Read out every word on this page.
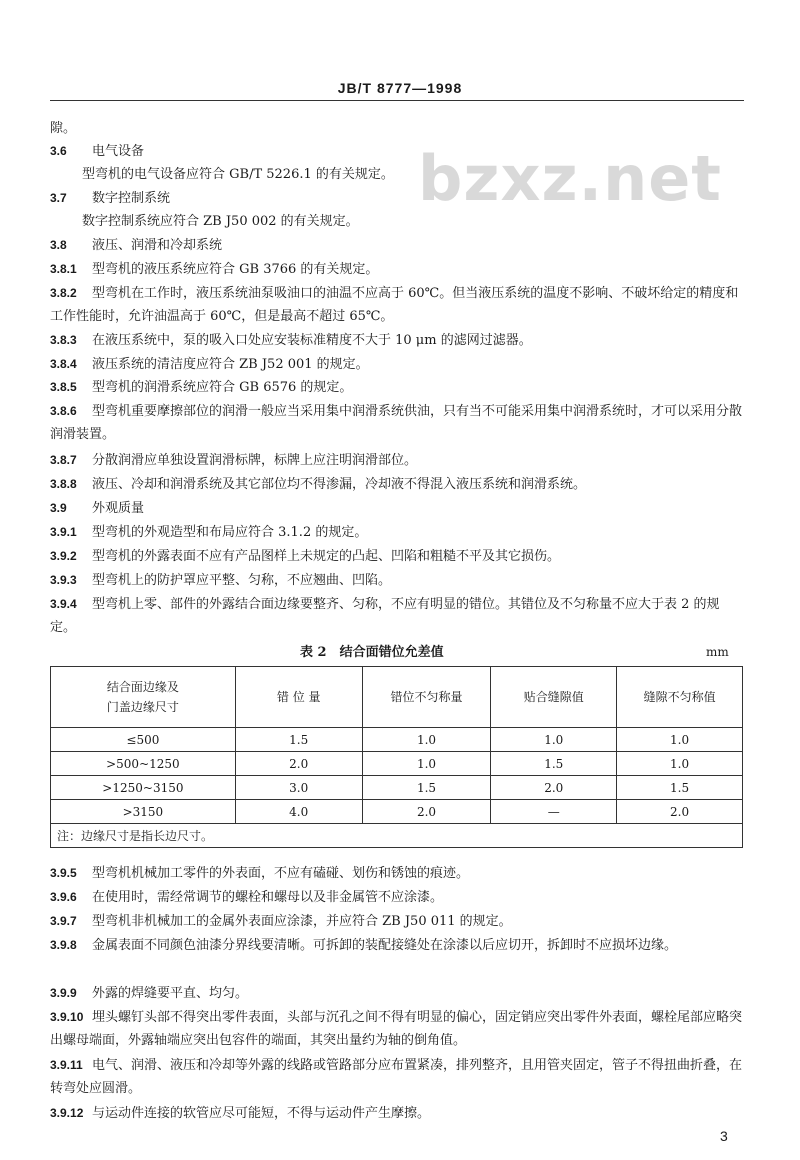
JB/T 8777—1998
bzxz.net
隙。
3.6 电气设备
型弯机的电气设备应符合 GB/T 5226.1 的有关规定。
3.7 数字控制系统
数字控制系统应符合 ZB J50 002 的有关规定。
3.8 液压、润滑和冷却系统
3.8.1 型弯机的液压系统应符合 GB 3766 的有关规定。
3.8.2 型弯机在工作时，液压系统油泵吸油口的油温不应高于 60℃。但当液压系统的温度不影响、不破坏给定的精度和工作性能时，允许油温高于 60℃，但是最高不超过 65℃。
3.8.3 在液压系统中，泵的吸入口处应安装标准精度不大于 10 μm 的滤网过滤器。
3.8.4 液压系统的清洁度应符合 ZB J52 001 的规定。
3.8.5 型弯机的润滑系统应符合 GB 6576 的规定。
3.8.6 型弯机重要摩擦部位的润滑一般应当采用集中润滑系统供油，只有当不可能采用集中润滑系统时，才可以采用分散润滑装置。
3.8.7 分散润滑应单独设置润滑标牌，标牌上应注明润滑部位。
3.8.8 液压、冷却和润滑系统及其它部位均不得渗漏，冷却液不得混入液压系统和润滑系统。
3.9 外观质量
3.9.1 型弯机的外观造型和布局应符合 3.1.2 的规定。
3.9.2 型弯机的外露表面不应有产品图样上未规定的凸起、凹陷和粗糙不平及其它损伤。
3.9.3 型弯机上的防护罩应平整、匀称，不应翘曲、凹陷。
3.9.4 型弯机上零、部件的外露结合面边缘要整齐、匀称，不应有明显的错位。其错位及不匀称量不应大于表 2 的规定。
表 2　结合面错位允差值	mm
结合面边缘及
门盖边缘尺寸	错 位 量	错位不匀称量	贴合缝隙值	缝隙不匀称值
≤500	1.5	1.0	1.0	1.0
>500~1250	2.0	1.0	1.5	1.0
>1250~3150	3.0	1.5	2.0	1.5
>3150	4.0	2.0	—	2.0
注：边缘尺寸是指长边尺寸。				
3.9.5 型弯机机械加工零件的外表面，不应有磕碰、划伤和锈蚀的痕迹。
3.9.6 在使用时，需经常调节的螺栓和螺母以及非金属管不应涂漆。
3.9.7 型弯机非机械加工的金属外表面应涂漆，并应符合 ZB J50 011 的规定。
3.9.8 金属表面不同颜色油漆分界线要清晰。可拆卸的装配接缝处在涂漆以后应切开，拆卸时不应损坏边缘。
3.9.9 外露的焊缝要平直、均匀。
3.9.10 埋头螺钉头部不得突出零件表面，头部与沉孔之间不得有明显的偏心，固定销应突出零件外表面，螺栓尾部应略突出螺母端面，外露轴端应突出包容件的端面，其突出量约为轴的倒角值。
3.9.11 电气、润滑、液压和冷却等外露的线路或管路部分应布置紧凑，排列整齐，且用管夹固定，管子不得扭曲折叠，在转弯处应圆滑。
3.9.12 与运动件连接的软管应尽可能短，不得与运动件产生摩擦。
3
